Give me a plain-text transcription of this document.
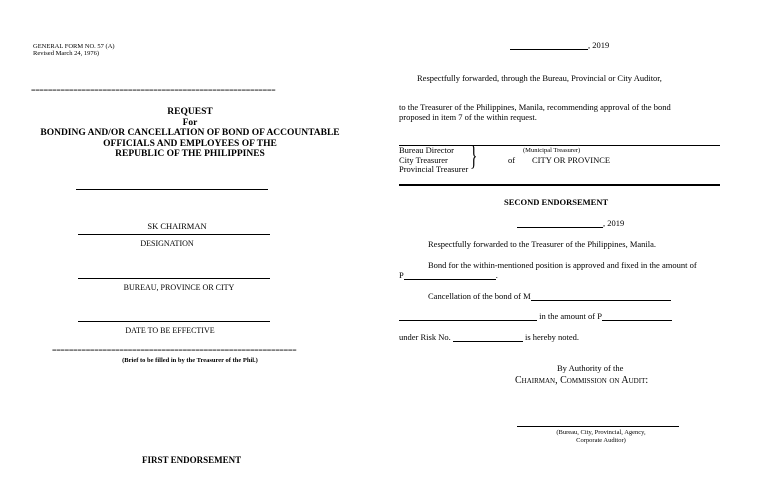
GENERAL FORM NO. 57 (A)
Revised March 24, 1976)
==========================================================
REQUEST
For
BONDING AND/OR CANCELLATION OF BOND OF ACCOUNTABLE
OFFICIALS AND EMPLOYEES OF THE
REPUBLIC OF THE PHILIPPINES
SK CHAIRMAN
DESIGNATION
BUREAU, PROVINCE OR CITY
DATE TO BE EFFECTIVE
==========================================================
(Brief to be filled in by the Treasurer of the Phil.)
FIRST ENDORSEMENT
, 2019
Respectfully forwarded, through the Bureau, Provincial or City Auditor,
to the Treasurer of the Philippines, Manila, recommending approval of the bond
proposed in item 7 of the within request.
Bureau Director
City Treasurer
Provincial Treasurer }	(Municipal Treasurer)
of CITY OR PROVINCE
SECOND ENDORSEMENT
, 2019
Respectfully forwarded to the Treasurer of the Philippines, Manila.
Bond for the within-mentioned position is approved and fixed in the amount of
P	.
Cancellation of the bond of M
in the amount of P
under Risk No.	is hereby noted.
By Authority of the
Chairman, Commission on Audit:
(Bureau, City, Provincial, Agency,
Corporate Auditor)
